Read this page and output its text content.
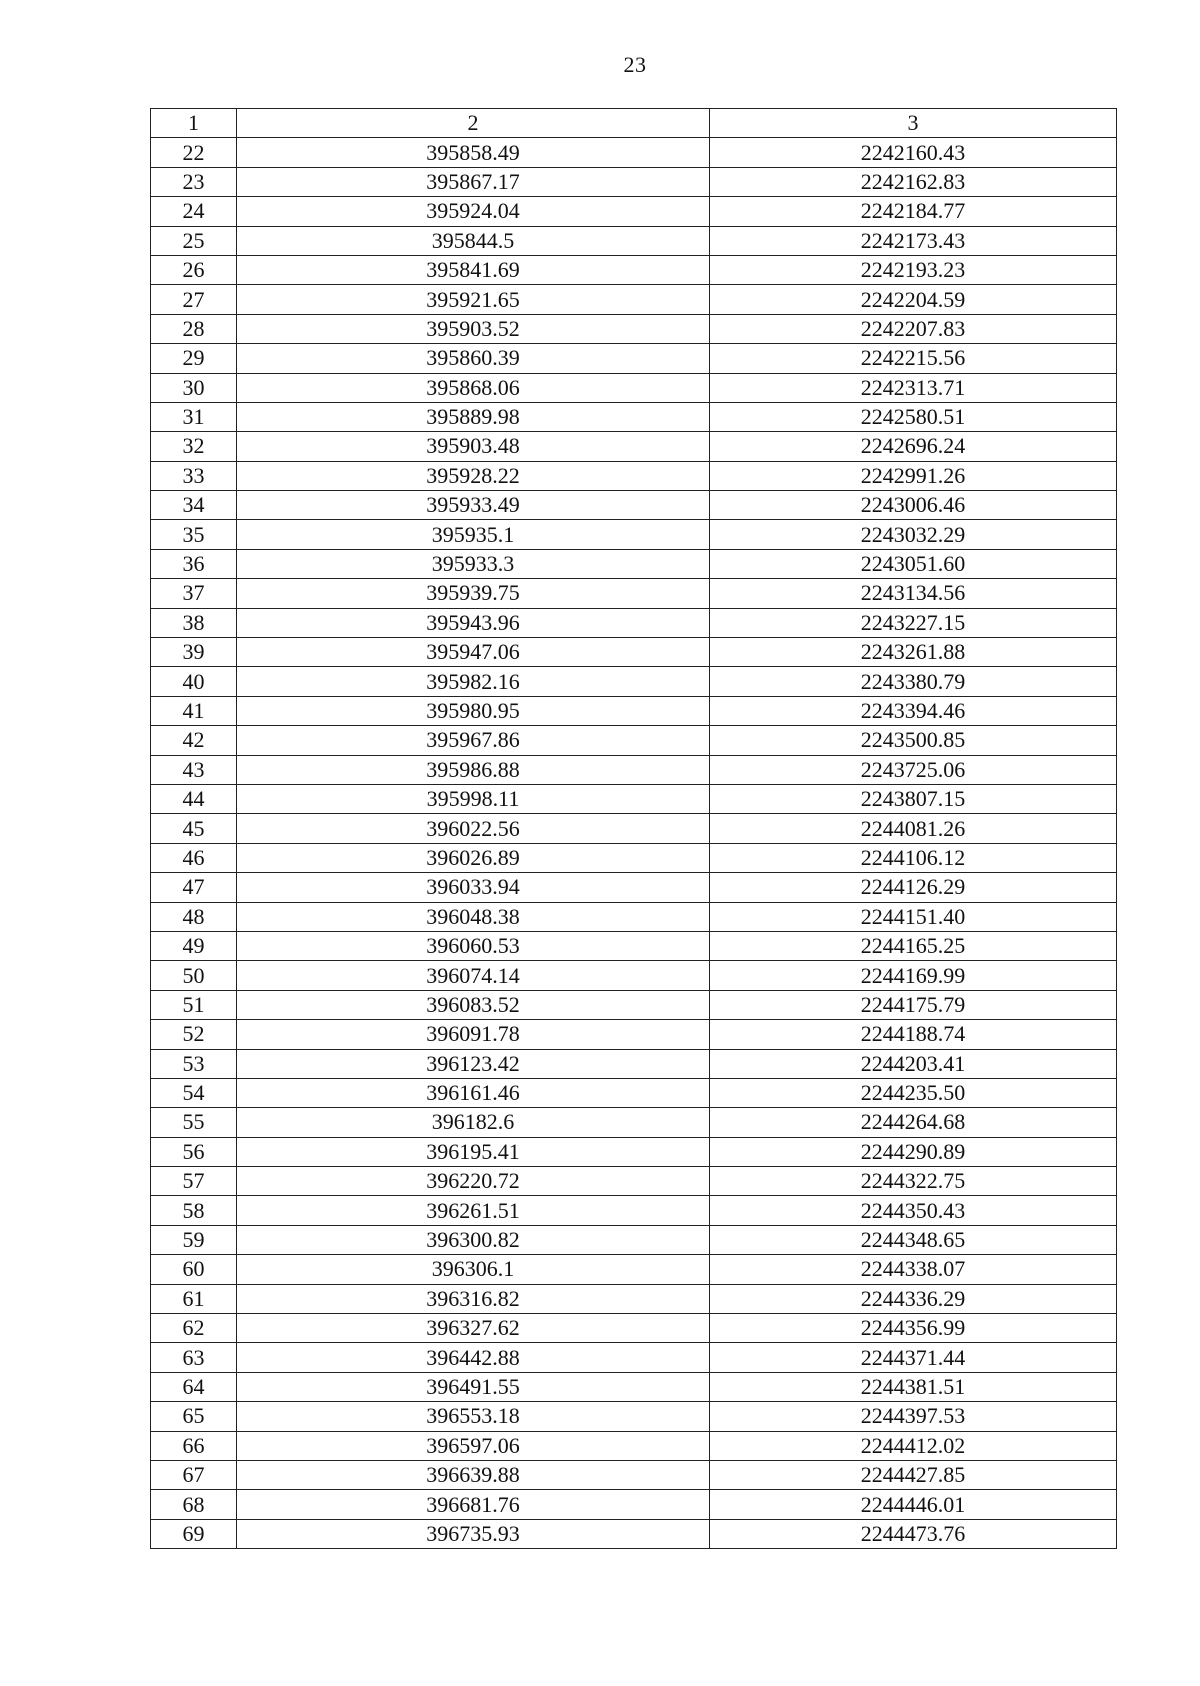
23
1	2	3
22	395858.49	2242160.43
23	395867.17	2242162.83
24	395924.04	2242184.77
25	395844.5	2242173.43
26	395841.69	2242193.23
27	395921.65	2242204.59
28	395903.52	2242207.83
29	395860.39	2242215.56
30	395868.06	2242313.71
31	395889.98	2242580.51
32	395903.48	2242696.24
33	395928.22	2242991.26
34	395933.49	2243006.46
35	395935.1	2243032.29
36	395933.3	2243051.60
37	395939.75	2243134.56
38	395943.96	2243227.15
39	395947.06	2243261.88
40	395982.16	2243380.79
41	395980.95	2243394.46
42	395967.86	2243500.85
43	395986.88	2243725.06
44	395998.11	2243807.15
45	396022.56	2244081.26
46	396026.89	2244106.12
47	396033.94	2244126.29
48	396048.38	2244151.40
49	396060.53	2244165.25
50	396074.14	2244169.99
51	396083.52	2244175.79
52	396091.78	2244188.74
53	396123.42	2244203.41
54	396161.46	2244235.50
55	396182.6	2244264.68
56	396195.41	2244290.89
57	396220.72	2244322.75
58	396261.51	2244350.43
59	396300.82	2244348.65
60	396306.1	2244338.07
61	396316.82	2244336.29
62	396327.62	2244356.99
63	396442.88	2244371.44
64	396491.55	2244381.51
65	396553.18	2244397.53
66	396597.06	2244412.02
67	396639.88	2244427.85
68	396681.76	2244446.01
69	396735.93	2244473.76
